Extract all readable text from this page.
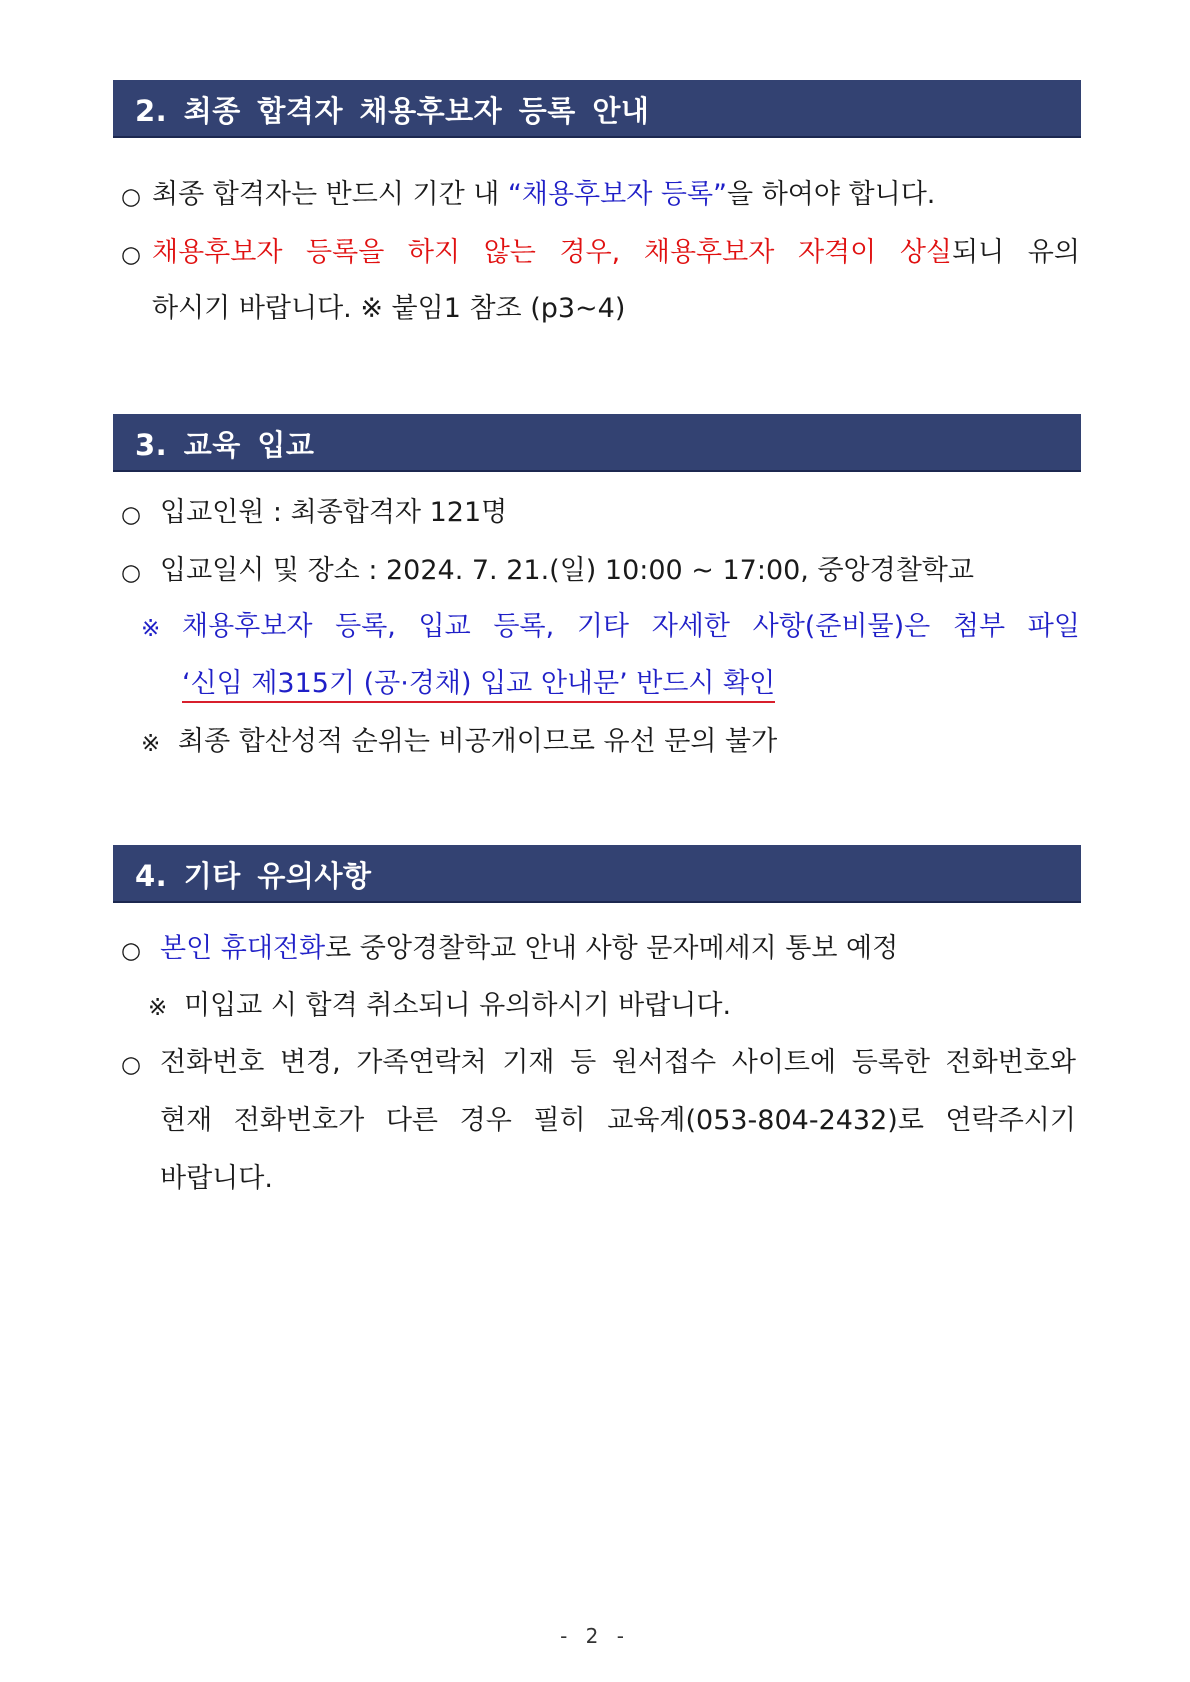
2. 최종 합격자 채용후보자 등록 안내
○ 최종 합격자는 반드시 기간 내 “채용후보자 등록”을 하여야 합니다.
○ 채용후보자 등록을 하지 않는 경우, 채용후보자 자격이 상실되니 유의
하시기 바랍니다. ※ 붙임1 참조 (p3~4)
3. 교육 입교
○ 입교인원 : 최종합격자 121명
○ 입교일시 및 장소 : 2024. 7. 21.(일) 10:00 ~ 17:00, 중앙경찰학교
※ 채용후보자 등록, 입교 등록, 기타 자세한 사항(준비물)은 첨부 파일
‘신임 제315기 (공·경채) 입교 안내문’ 반드시 확인
※ 최종 합산성적 순위는 비공개이므로 유선 문의 불가
4. 기타 유의사항
○ 본인 휴대전화로 중앙경찰학교 안내 사항 문자메세지 통보 예정
※ 미입교 시 합격 취소되니 유의하시기 바랍니다.
○ 전화번호 변경, 가족연락처 기재 등 원서접수 사이트에 등록한 전화번호와
현재 전화번호가 다른 경우 필히 교육계(053-804-2432)로 연락주시기
바랍니다.
- 2 -
